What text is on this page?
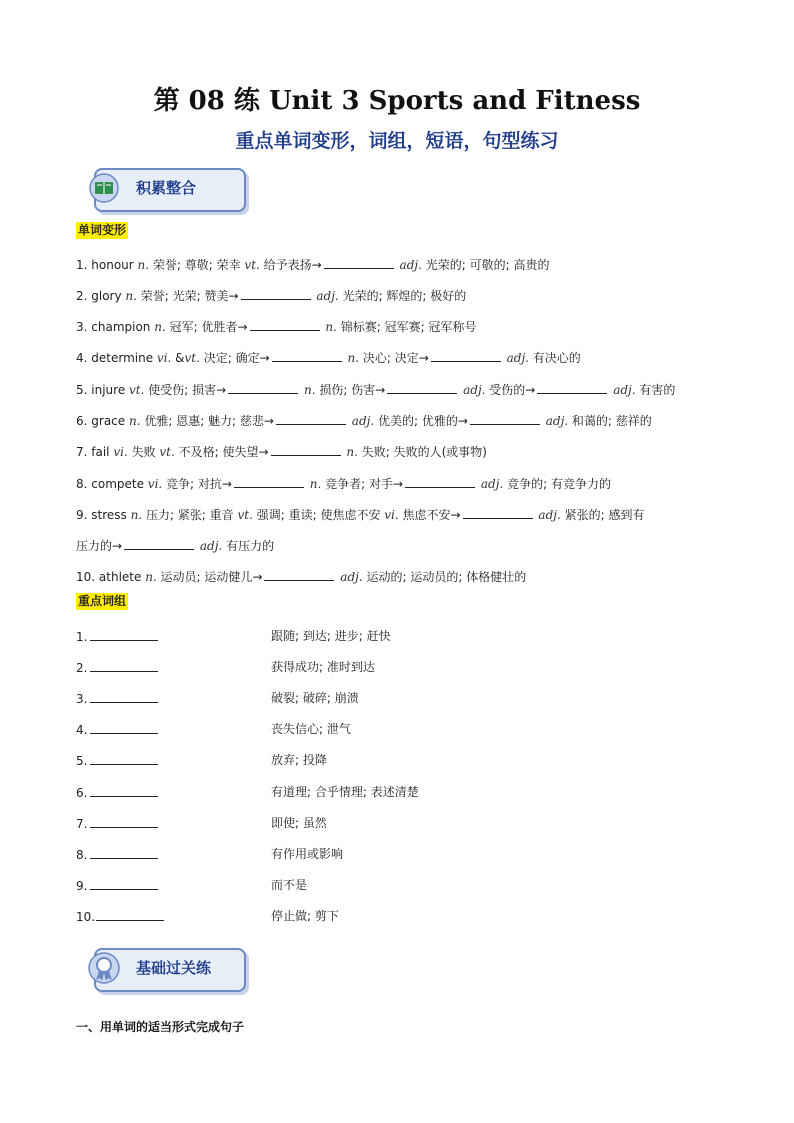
第 08 练 Unit 3 Sports and Fitness
重点单词变形，词组，短语，句型练习
积累整合
单词变形
1. honour n. 荣誉; 尊敬; 荣幸 vt. 给予表扬→	adj. 光荣的; 可敬的; 高贵的
2. glory n. 荣誉; 光荣; 赞美→	adj. 光荣的; 辉煌的; 极好的
3. champion n. 冠军; 优胜者→	n. 锦标赛; 冠军赛; 冠军称号
4. determine vi. &vt. 决定; 确定→	n. 决心; 决定→	adj. 有决心的
5. injure vt. 使受伤; 损害→	n. 损伤; 伤害→	adj. 受伤的→	adj. 有害的
6. grace n. 优雅; 恩惠; 魅力; 慈悲→	adj. 优美的; 优雅的→	adj. 和蔼的; 慈祥的
7. fail vi. 失败 vt. 不及格; 使失望→	n. 失败; 失败的人(或事物)
8. compete vi. 竞争; 对抗→	n. 竞争者; 对手→	adj. 竞争的; 有竞争力的
9. stress n. 压力; 紧张; 重音 vt. 强调; 重读; 使焦虑不安 vi. 焦虑不安→	adj. 紧张的; 感到有
压力的→	adj. 有压力的
10. athlete n. 运动员; 运动健儿→	adj. 运动的; 运动员的; 体格健壮的
重点词组
1.	跟随; 到达; 进步; 赶快
2.	获得成功; 准时到达
3.	破裂; 破碎; 崩溃
4.	丧失信心; 泄气
5.	放弃; 投降
6.	有道理; 合乎情理; 表述清楚
7.	即使; 虽然
8.	有作用或影响
9.	而不是
10.	停止做; 剪下
基础过关练
一、用单词的适当形式完成句子
